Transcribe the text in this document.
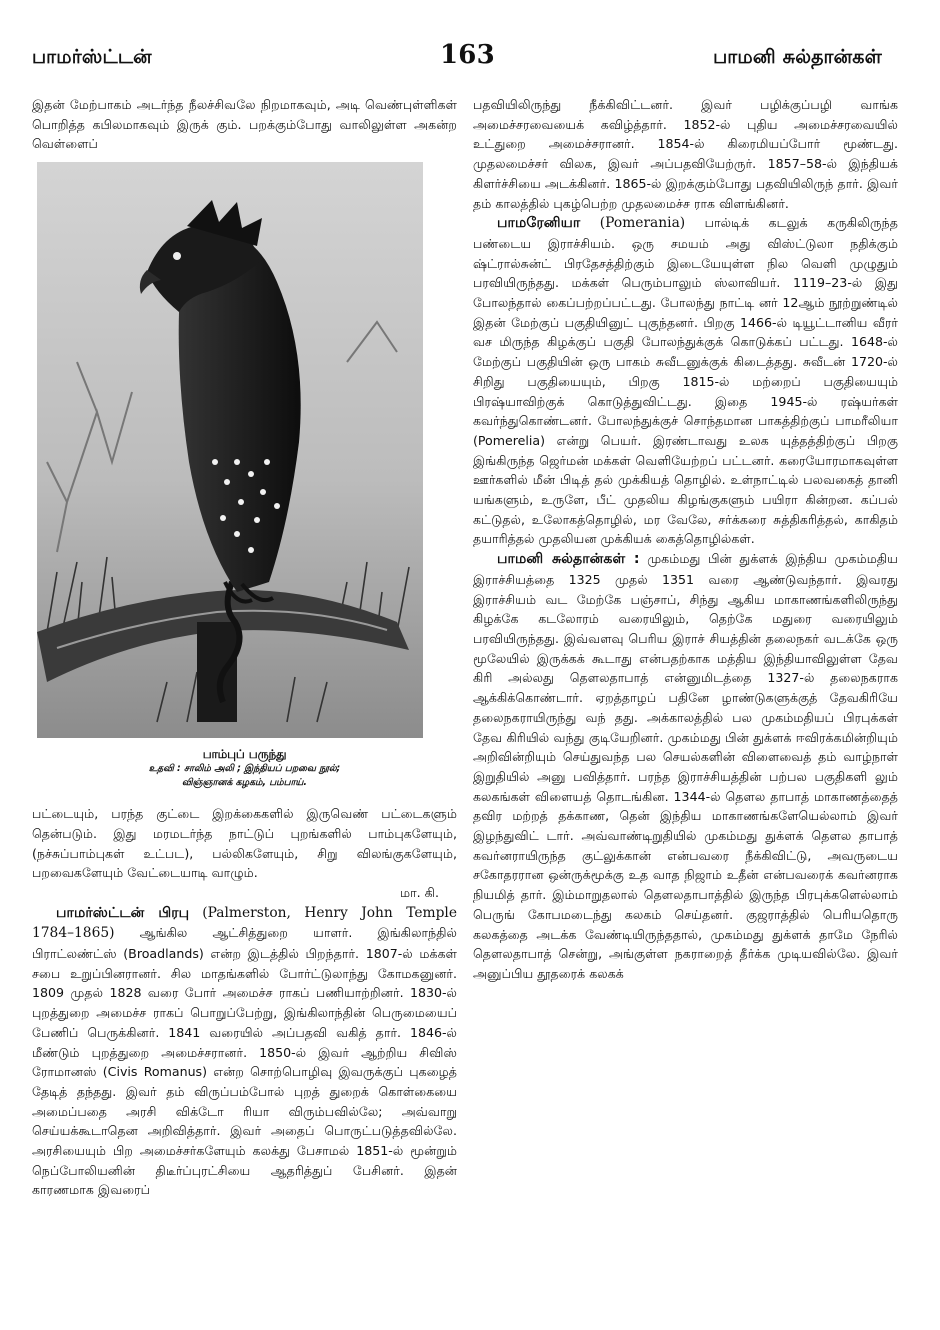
பாமர்ஸ்ட்டன்	163	பாமனி சுல்தான்கள்

இதன் மேற்பாகம் அடர்ந்த நீலச்சிவலே நிறமாகவும், அடி வெண்புள்ளிகள் பொறித்த கபிலமாகவும் இருக் கும். பறக்கும்போது வாலிலுள்ள அகன்ற வெள்ளைப்

பாம்புப் பருந்து
உதவி : சாலிம் அலி ; இந்தியப் பறவை நூல்;
விஞ்ஞானக் கழகம், பம்பாய்.

பட்டையும், பரந்த குட்டை இறக்கைகளில் இருவெண் பட்டைகளும் தென்படும். இது மரமடர்ந்த நாட்டுப் புறங்களில் பாம்புகளேயும், (நச்சுப்பாம்புகள் உட்பட), பல்லிகளேயும், சிறு விலங்குகளேயும், பறவைகளேயும் வேட்டையாடி வாழும்.

மா. கி.

பாமர்ஸ்ட்டன் பிரபு (Palmerston, Henry John Temple 1784–1865) ஆங்கில ஆட்சித்துறை யாளர். இங்கிலாந்தில் பிராட்லண்ட்ஸ் (Broadlands) என்ற இடத்தில் பிறந்தார். 1807-ல் மக்கள் சபை உறுப்பினரானர். சில மாதங்களில் போர்ட்டுலாந்து கோமகனுனர். 1809 முதல் 1828 வரை போர் அமைச்ச ராகப் பணியாற்றினர். 1830-ல் புறத்துறை அமைச்ச ராகப் பொறுப்பேற்று, இங்கிலாந்தின் பெருமையைப் பேணிப் பெருக்கினர். 1841 வரையில் அப்பதவி வகித் தார். 1846-ல் மீண்டும் புறத்துறை அமைச்சரானர். 1850-ல் இவர் ஆற்றிய சிவிஸ் ரோமானஸ் (Civis Romanus) என்ற சொற்பொழிவு இவருக்குப் புகழைத் தேடித் தந்தது. இவர் தம் விருப்பம்போல் புறத் துறைக் கொள்கையை அமைப்பதை அரசி விக்டோ ரியா விரும்பவில்லே; அவ்வாறு செய்யக்கூடாதென அறிவித்தார். இவர் அதைப் பொருட்படுத்தவில்லே. அரசியையும் பிற அமைச்சர்களேயும் கலக்து பேசாமல் 1851-ல் மூன்றும் நெப்போலியனின் திடீர்ப்புரட்சியை ஆதரித்துப் பேசினர். இதன் காரணமாக இவரைப்

பதவியிலிருந்து நீக்கிவிட்டனர். இவர் பழிக்குப்பழி வாங்க அமைச்சரவையைக் கவிழ்த்தார். 1852-ல் புதிய அமைச்சரவையில் உட்துறை அமைச்சரானர். 1854-ல் கிரைமியப்போர் மூண்டது. முதலமைச்சர் விலக, இவர் அப்பதவியேற்ருர். 1857–58-ல் இந்தியக் கிளர்ச்சியை அடக்கினர். 1865-ல் இறக்கும்போது பதவியிலிருந் தார். இவர் தம் காலத்தில் புகழ்பெற்ற முதலமைச்ச ராக விளங்கினர்.

பாமரேனியா (Pomerania) பால்டிக் கடலுக் கருகிலிருந்த பண்டைய இராச்சியம். ஒரு சமயம் அது விஸ்ட்டுலா நதிக்கும் ஷ்ட்ரால்சுன்ட் பிரதேசத்திற்கும் இடையேயுள்ள நில வெளி முழுதும் பரவியிருந்தது. மக்கள் பெரும்பாலும் ஸ்லாவியர். 1119–23-ல் இது போலந்தால் கைப்பற்றப்பட்டது. போலந்து நாட்டி னர் 12ஆம் நூற்றுண்டில் இதன் மேற்குப் பகுதியினுட் புகுந்தனர். பிறகு 1466-ல் டியூட்டானிய வீரர் வச மிருந்த கிழக்குப் பகுதி போலந்துக்குக் கொடுக்கப் பட்டது. 1648-ல் மேற்குப் பகுதியின் ஒரு பாகம் சுவீடனுக்குக் கிடைத்தது. சுவீடன் 1720-ல் சிறிது பகுதியையும், பிறகு 1815-ல் மற்றைப் பகுதியையும் பிரஷ்யாவிற்குக் கொடுத்துவிட்டது. இதை 1945-ல் ரஷ்யர்கள் கவர்ந்துகொண்டனர். போலந்துக்குச் சொந்தமான பாகத்திற்குப் பாமரீலியா (Pomerelia) என்று பெயர். இரண்டாவது உலக யுத்தத்திற்குப் பிறகு இங்கிருந்த ஜெர்மன் மக்கள் வெளியேற்றப் பட்டனர். கரையோரமாகவுள்ள ஊர்களில் மீன் பிடித் தல் முக்கியத் தொழில். உள்நாட்டில் பலவகைத் தானி யங்களும், உருளே, பீட் முதலிய கிழங்குகளும் பயிரா கின்றன. கப்பல் கட்டுதல், உலோகத்தொழில், மர வேலே, சர்க்கரை சுத்திகரித்தல், காகிதம் தயாரித்தல் முதலியன முக்கியக் கைத்தொழில்கள்.

பாமனி சுல்தான்கள் : முகம்மது பின் துக்ளக் இந்திய முகம்மதிய இராச்சியத்தை 1325 முதல் 1351 வரை ஆண்டுவந்தார். இவரது இராச்சியம் வட மேற்கே பஞ்சாப், சிந்து ஆகிய மாகாணங்களிலிருந்து கிழக்கே கடலோரம் வரையிலும், தெற்கே மதுரை வரையிலும் பரவியிருந்தது. இவ்வளவு பெரிய இராச் சியத்தின் தலைநகர் வடக்கே ஒரு மூலேயில் இருக்கக் கூடாது என்பதற்காக மத்திய இந்தியாவிலுள்ள தேவ கிரி அல்லது தௌலதாபாத் என்னுமிடத்தை 1327-ல் தலைநகராக ஆக்கிக்கொண்டார். ஏறத்தாழப் பதினே ழாண்டுகளுக்குத் தேவகிரியே தலைநகராயிருந்து வந் தது. அக்காலத்தில் பல முகம்மதியப் பிரபுக்கள் தேவ கிரியில் வந்து குடியேறினர். முகம்மது பின் துக்ளக் ஈவிரக்கமின்றியும் அறிவின்றியும் செய்துவந்த பல செயல்களின் விளைவைத் தம் வாழ்நாள் இறுதியில் அனு பவித்தார். பரந்த இராச்சியத்தின் பற்பல பகுதிகளி லும் கலகங்கள் விளையத் தொடங்கின. 1344-ல் தௌல தாபாத் மாகாணத்தைத் தவிர மற்றத் தக்காண, தென் இந்திய மாகாணங்களேயெல்லாம் இவர் இழந்துவிட் டார். அவ்வாண்டிறுதியில் முகம்மது துக்ளக் தௌல தாபாத் கவர்னராயிருந்த குட்லுக்கான் என்பவரை நீக்கிவிட்டு, அவருடைய சகோதரரான ஒன்ருக்மூக்கு உத வாத நிஜாம் உதீன் என்பவரைக் கவர்னராக நியமித் தார். இம்மாறுதலால் தௌலதாபாத்தில் இருந்த பிரபுக்களெல்லாம் பெருங் கோபமடைந்து கலகம் செய்தனர். குஜராத்தில் பெரியதொரு கலகத்தை அடக்க வேண்டியிருந்ததால், முகம்மது துக்ளக் தாமே நேரில் தௌலதாபாத் சென்று, அங்குள்ள நகராறைத் தீர்க்க முடியவில்லே. இவர் அனுப்பிய தூதரைக் கலகக்
